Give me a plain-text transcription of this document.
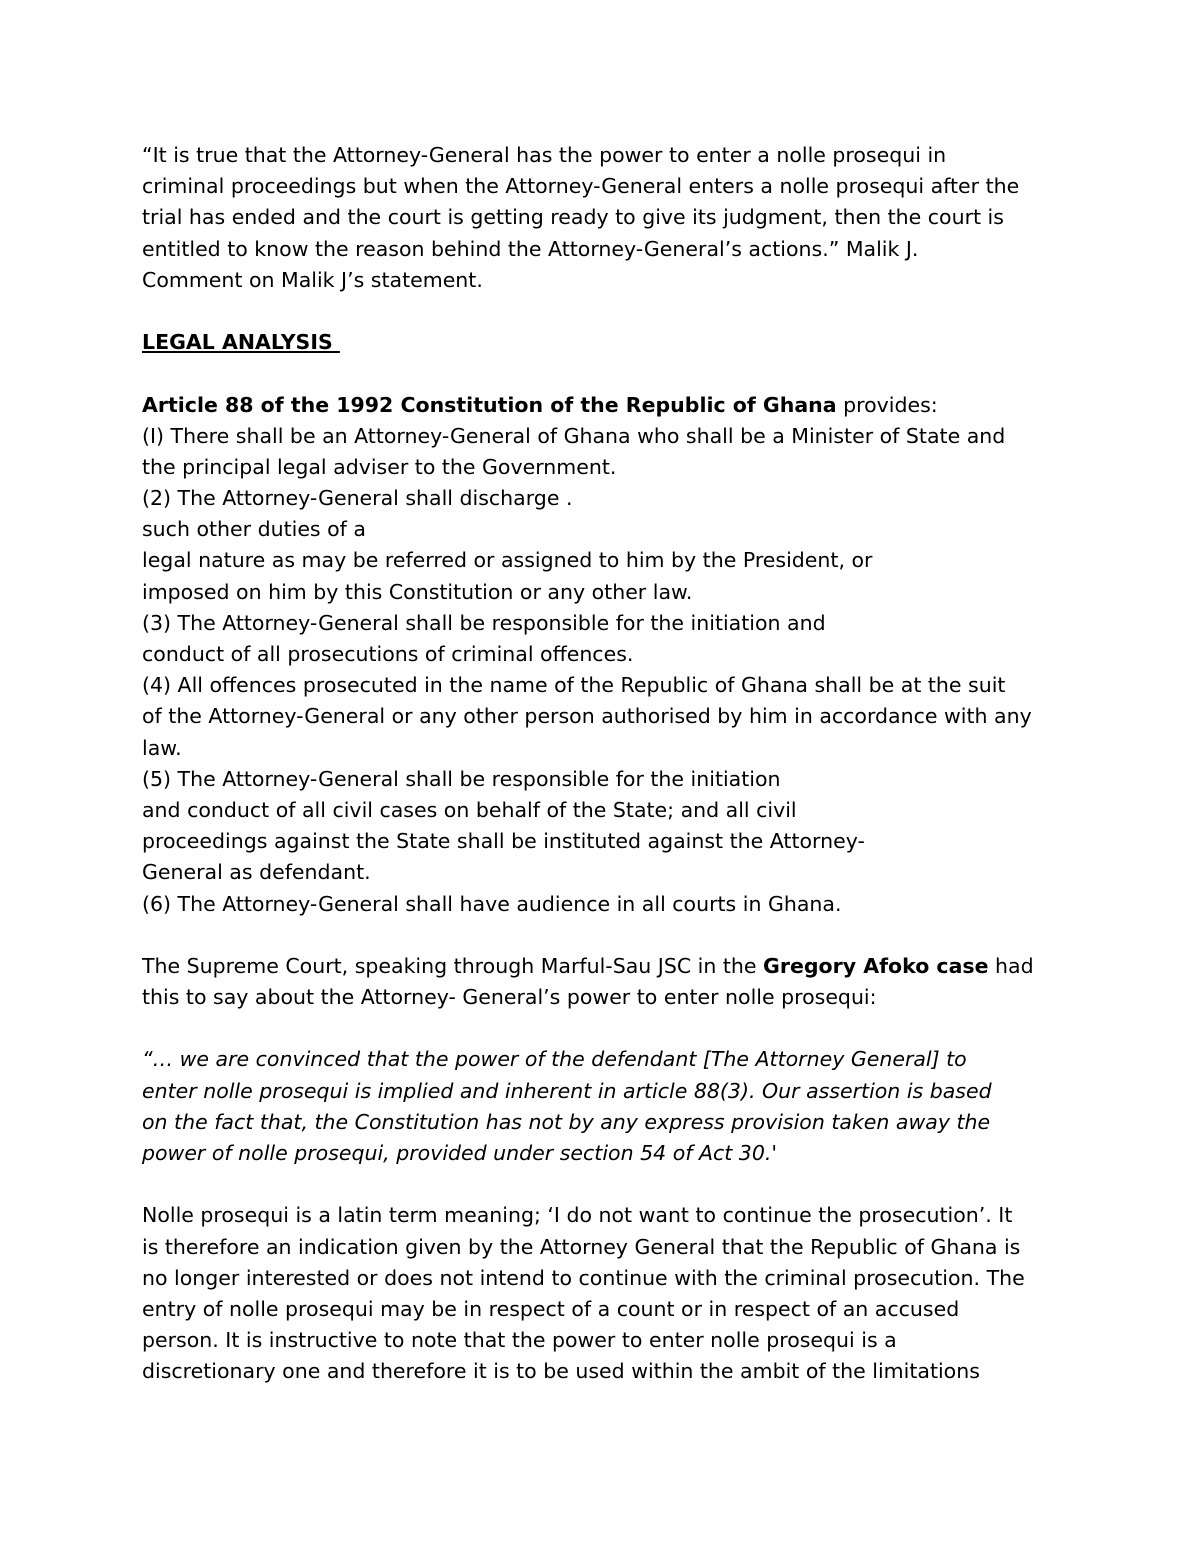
“It is true that the Attorney-General has the power to enter a nolle prosequi in
criminal proceedings but when the Attorney-General enters a nolle prosequi after the
trial has ended and the court is getting ready to give its judgment, then the court is
entitled to know the reason behind the Attorney-General’s actions.” Malik J.
Comment on Malik J’s statement.
LEGAL ANALYSIS
Article 88 of the 1992 Constitution of the Republic of Ghana provides:
(I) There shall be an Attorney-General of Ghana who shall be a Minister of State and
the principal legal adviser to the Government.
(2) The Attorney-General shall discharge .
such other duties of a
legal nature as may be referred or assigned to him by the President, or
imposed on him by this Constitution or any other law.
(3) The Attorney-General shall be responsible for the initiation and
conduct of all prosecutions of criminal offences.
(4) All offences prosecuted in the name of the Republic of Ghana shall be at the suit
of the Attorney-General or any other person authorised by him in accordance with any
law.
(5) The Attorney-General shall be responsible for the initiation
and conduct of all civil cases on behalf of the State; and all civil
proceedings against the State shall be instituted against the Attorney-
General as defendant.
(6) The Attorney-General shall have audience in all courts in Ghana.
The Supreme Court, speaking through Marful-Sau JSC in the Gregory Afoko case had
this to say about the Attorney- General’s power to enter nolle prosequi:
“… we are convinced that the power of the defendant [The Attorney General] to
enter nolle prosequi is implied and inherent in article 88(3). Our assertion is based
on the fact that, the Constitution has not by any express provision taken away the
power of nolle prosequi, provided under section 54 of Act 30.'
Nolle prosequi is a latin term meaning; ‘I do not want to continue the prosecution’. It
is therefore an indication given by the Attorney General that the Republic of Ghana is
no longer interested or does not intend to continue with the criminal prosecution. The
entry of nolle prosequi may be in respect of a count or in respect of an accused
person. It is instructive to note that the power to enter nolle prosequi is a
discretionary one and therefore it is to be used within the ambit of the limitations
